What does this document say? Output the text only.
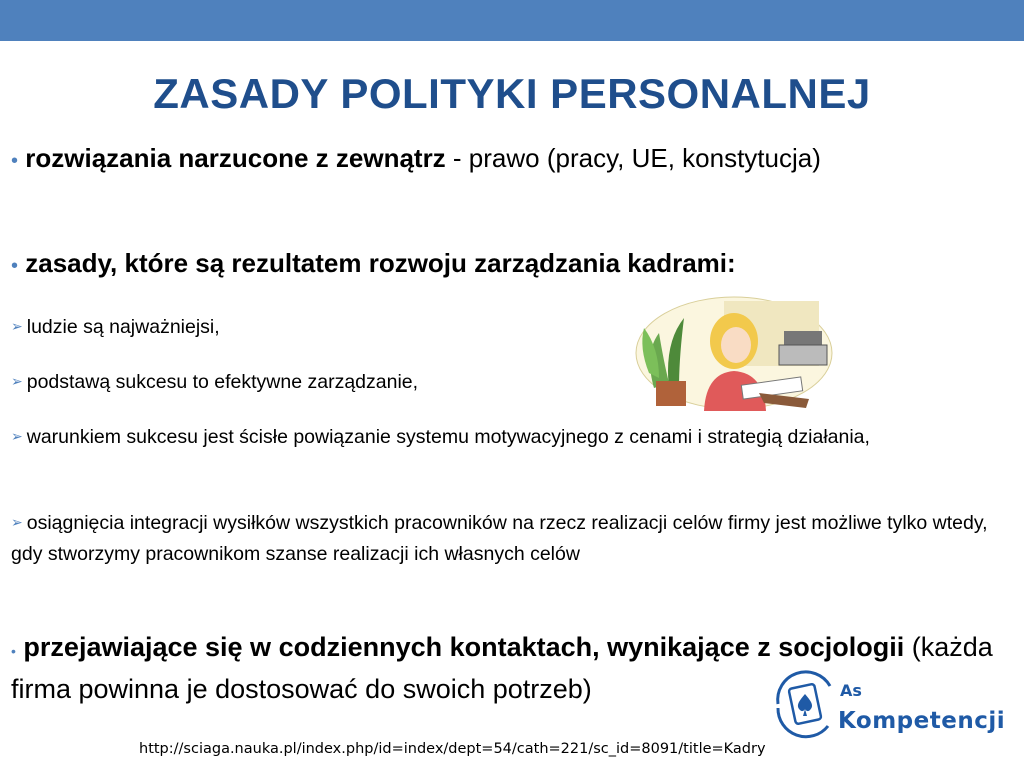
ZASADY POLITYKI PERSONALNEJ
• rozwiązania narzucone z zewnątrz - prawo (pracy, UE, konstytucja)
• zasady, które są rezultatem rozwoju zarządzania kadrami:
➢ ludzie są najważniejsi,
➢ podstawą sukcesu to efektywne zarządzanie,
➢ warunkiem sukcesu jest ścisłe powiązanie systemu motywacyjnego z cenami i strategią działania,
➢ osiągnięcia integracji wysiłków wszystkich pracowników na rzecz realizacji celów firmy jest możliwe tylko wtedy, gdy stworzymy pracownikom szanse realizacji ich własnych celów
• przejawiające się w codziennych kontaktach, wynikające z socjologii (każda firma powinna je dostosować do swoich potrzeb)	As
Kompetencji
http://sciaga.nauka.pl/index.php/id=index/dept=54/cath=221/sc_id=8091/title=Kadry
